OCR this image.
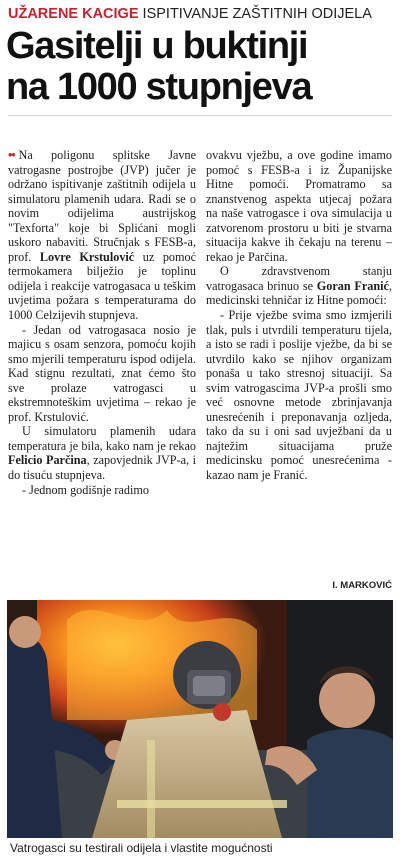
UŽARENE KACIGE ISPITIVANJE ZAŠTITNIH ODIJELA
Gasitelji u buktinji
na 1000 stupnjeva

•• Na poligonu splitske Javne vatrogasne postrojbe (JVP) jučer je održano ispitivanje zaštitnih odijela u simulatoru plamenih udara. Radi se o novim odijelima austrijskog "Texforta" koje bi Splićani mogli uskoro nabaviti. Stručnjak s FESB-a, prof. Lovre Krstulović uz pomoć termokamera bilježio je toplinu odijela i reakcije vatrogasaca u teškim uvjetima požara s temperaturama do 1000 Celzijevih stupnjeva.

- Jedan od vatrogasaca nosio je majicu s osam senzora, pomoću kojih smo mjerili temperaturu ispod odijela. Kad stignu rezultati, znat ćemo što sve prolaze vatrogasci u ekstremnoteškim uvjetima – rekao je prof. Krstulović.

U simulatoru plamenih udara temperatura je bila, kako nam je rekao Felicio Parčina, zapovjednik JVP-a, i do tisuću stupnjeva.

- Jednom godišnje radimo

ovakvu vježbu, a ove godine imamo pomoć s FESB-a i iz Županijske Hitne pomoći. Promatramo sa znanstvenog aspekta utjecaj požara na naše vatrogasce i ova simulacija u zatvorenom prostoru u biti je stvarna situacija kakve ih čekaju na terenu – rekao je Parčina.

O zdravstvenom stanju vatrogasaca brinuo se Goran Franić, medicinski tehničar iz Hitne pomoći:

- Prije vježbe svima smo izmjerili tlak, puls i utvrdili temperaturu tijela, a isto se radi i poslije vježbe, da bi se utvrdilo kako se njihov organizam ponaša u tako stresnoj situaciji. Sa svim vatrogascima JVP-a prošli smo već osnovne metode zbrinjavanja unesrećenih i preponavanja ozljeda, tako da su i oni sad uvježbani da u najtežim situacijama pruže medicinsku pomoć unesrećenima - kazao nam je Franić.

I. MARKOVIĆ
Vatrogasci su testirali odijela i vlastite mogućnosti
